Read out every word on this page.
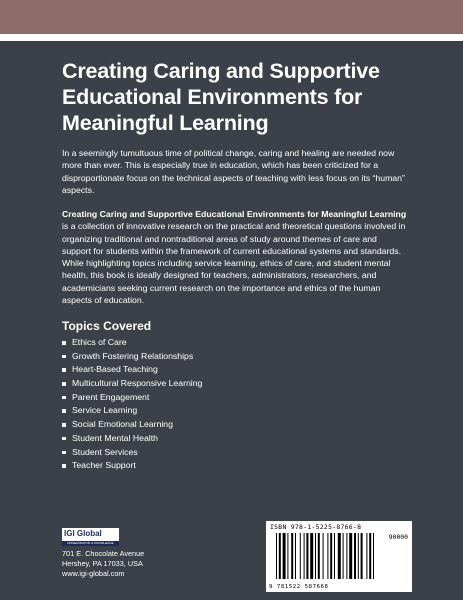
Creating Caring and Supportive
Educational Environments for
Meaningful Learning

In a seemingly tumultuous time of political change, caring and healing are needed now more than ever. This is especially true in education, which has been criticized for a disproportionate focus on the technical aspects of teaching with less focus on its “human” aspects.

Creating Caring and Supportive Educational Environments for Meaningful Learning is a collection of innovative research on the practical and theoretical questions involved in organizing traditional and nontraditional areas of study around themes of care and support for students within the framework of current educational systems and standards. While highlighting topics including service learning, ethics of care, and student mental health, this book is ideally designed for teachers, administrators, researchers, and academicians seeking current research on the importance and ethics of the human aspects of education.

Topics Covered
Ethics of Care
Growth Fostering Relationships
Heart-Based Teaching
Multicultural Responsive Learning
Parent Engagement
Service Learning
Social Emotional Learning
Student Mental Health
Student Services
Teacher Support
IGI Global
DISSEMINATOR of KNOWLEDGE

701 E. Chocolate Avenue
Hershey, PA 17033, USA
www.igi-global.com

ISBN 978-1-5225-8766-8
90000
9 781522 587668
